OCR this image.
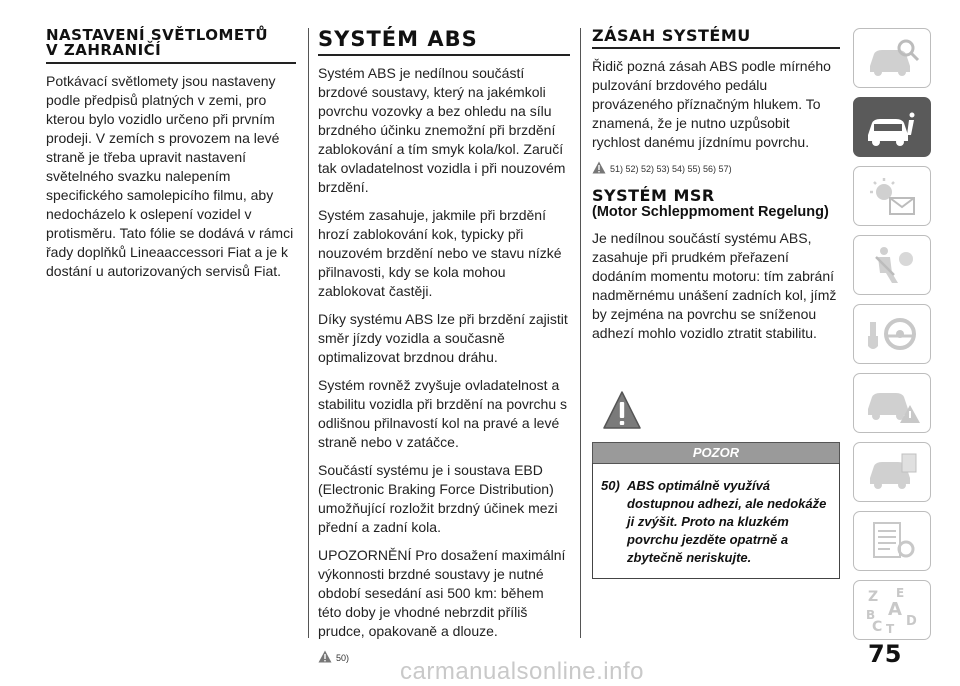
NASTAVENÍ SVĚTLOMETŮ
V ZAHRANIČÍ

Potkávací světlomety jsou nastaveny podle předpisů platných v zemi, pro kterou bylo vozidlo určeno při prvním prodeji. V zemích s provozem na levé straně je třeba upravit nastavení světelného svazku nalepením specifického samolepicího filmu, aby nedocházelo k oslepení vozidel v protisměru. Tato fólie se dodává v rámci řady doplňků Lineaaccessori Fiat a je k dostání u autorizovaných servisů Fiat.

SYSTÉM ABS

Systém ABS je nedílnou součástí brzdové soustavy, který na jakémkoli povrchu vozovky a bez ohledu na sílu brzdného účinku znemožní při brzdění zablokování a tím smyk kola/kol. Zaručí tak ovladatelnost vozidla i při nouzovém brzdění.

Systém zasahuje, jakmile při brzdění hrozí zablokování kok, typicky při nouzovém brzdění nebo ve stavu nízké přilnavosti, kdy se kola mohou zablokovat častěji.

Díky systému ABS lze při brzdění zajistit směr jízdy vozidla a současně optimalizovat brzdnou dráhu.

Systém rovněž zvyšuje ovladatelnost a stabilitu vozidla při brzdění na povrchu s odlišnou přilnavostí kol na pravé a levé straně nebo v zatáčce.

Součástí systému je i soustava EBD (Electronic Braking Force Distribution) umožňující rozložit brzdný účinek mezi přední a zadní kola.

UPOZORNĚNÍ Pro dosažení maximální výkonnosti brzdné soustavy je nutné období sesedání asi 500 km: během této doby je vhodné nebrzdit příliš prudce, opakovaně a dlouze.

50)
ZÁSAH SYSTÉMU

Řidič pozná zásah ABS podle mírného pulzování brzdového pedálu provázeného příznačným hlukem. To znamená, že je nutno uzpůsobit rychlost danému jízdnímu povrchu.

51) 52) 52) 53) 54) 55) 56) 57)
SYSTÉM MSR
(Motor Schleppmoment Regelung)

Je nedílnou součástí systému ABS, zasahuje při prudkém přeřazení dodáním momentu motoru: tím zabrání nadměrnému unášení zadních kol, jímž by zejména na povrchu se sníženou adhezí mohlo vozidlo ztratit stabilitu.

POZOR
50) ABS optimálně využívá dostupnou adhezi, ale nedokáže ji zvýšit. Proto na kluzkém povrchu jezděte opatrně a zbytečně neriskujte.
Z E
A
B
C T D
75
carmanualsonline.info
